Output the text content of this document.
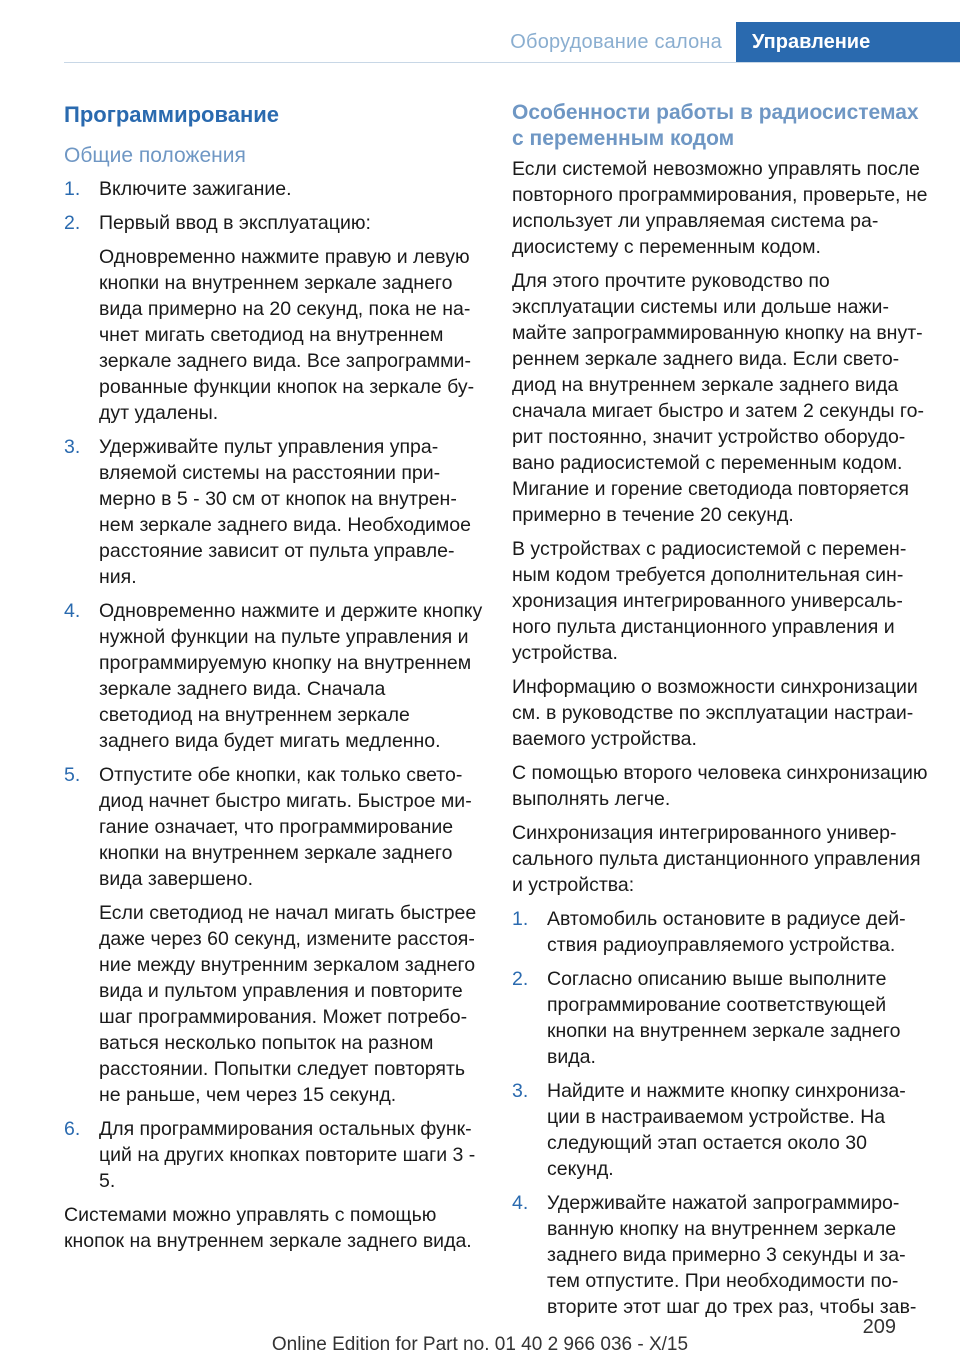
Оборудование салона	Управление
Программирование
Общие положения
1. Включите зажигание.

2. Первый ввод в эксплуатацию:

Одновременно нажмите правую и левую кнопки на внутреннем зеркале заднего вида примерно на 20 секунд, пока не начнет мигать светодиод на внутреннем зеркале заднего вида. Все запрограммированные функции кнопок на зеркале будут удалены.

3. Удерживайте пульт управления управляемой системы на расстоянии примерно в 5 - 30 см от кнопок на внутреннем зеркале заднего вида. Необходимое расстояние зависит от пульта управления.

4. Одновременно нажмите и держите кнопку нужной функции на пульте управления и программируемую кнопку на внутреннем зеркале заднего вида. Сначала светодиод на внутреннем зеркале заднего вида будет мигать медленно.

5. Отпустите обе кнопки, как только светодиод начнет быстро мигать. Быстрое мигание означает, что программирование кнопки на внутреннем зеркале заднего вида завершено.

Если светодиод не начал мигать быстрее даже через 60 секунд, измените расстояние между внутренним зеркалом заднего вида и пультом управления и повторите шаг программирования. Может потребоваться несколько попыток на разном расстоянии. Попытки следует повторять не раньше, чем через 15 секунд.

6. Для программирования остальных функций на других кнопках повторите шаги 3 - 5.

Системами можно управлять с помощью кнопок на внутреннем зеркале заднего вида.

Особенности работы в радиосистемах с переменным кодом

Если системой невозможно управлять после повторного программирования, проверьте, не использует ли управляемая система радиосистему с переменным кодом.

Для этого прочтите руководство по эксплуатации системы или дольше нажимайте запрограммированную кнопку на внутреннем зеркале заднего вида. Если светодиод на внутреннем зеркале заднего вида сначала мигает быстро и затем 2 секунды горит постоянно, значит устройство оборудовано радиосистемой с переменным кодом. Мигание и горение светодиода повторяется примерно в течение 20 секунд.

В устройствах с радиосистемой с переменным кодом требуется дополнительная синхронизация интегрированного универсального пульта дистанционного управления и устройства.

Информацию о возможности синхронизации см. в руководстве по эксплуатации настраиваемого устройства.

С помощью второго человека синхронизацию выполнять легче.

Синхронизация интегрированного универсального пульта дистанционного управления и устройства:

1. Автомобиль остановите в радиусе действия радиоуправляемого устройства.

2. Согласно описанию выше выполните программирование соответствующей кнопки на внутреннем зеркале заднего вида.

3. Найдите и нажмите кнопку синхронизации в настраиваемом устройстве. На следующий этап остается около 30 секунд.

4. Удерживайте нажатой запрограммированную кнопку на внутреннем зеркале заднего вида примерно 3 секунды и затем отпустите. При необходимости повторите этот шаг до трех раз, чтобы зав-

209
Online Edition for Part no. 01 40 2 966 036 - X/15
